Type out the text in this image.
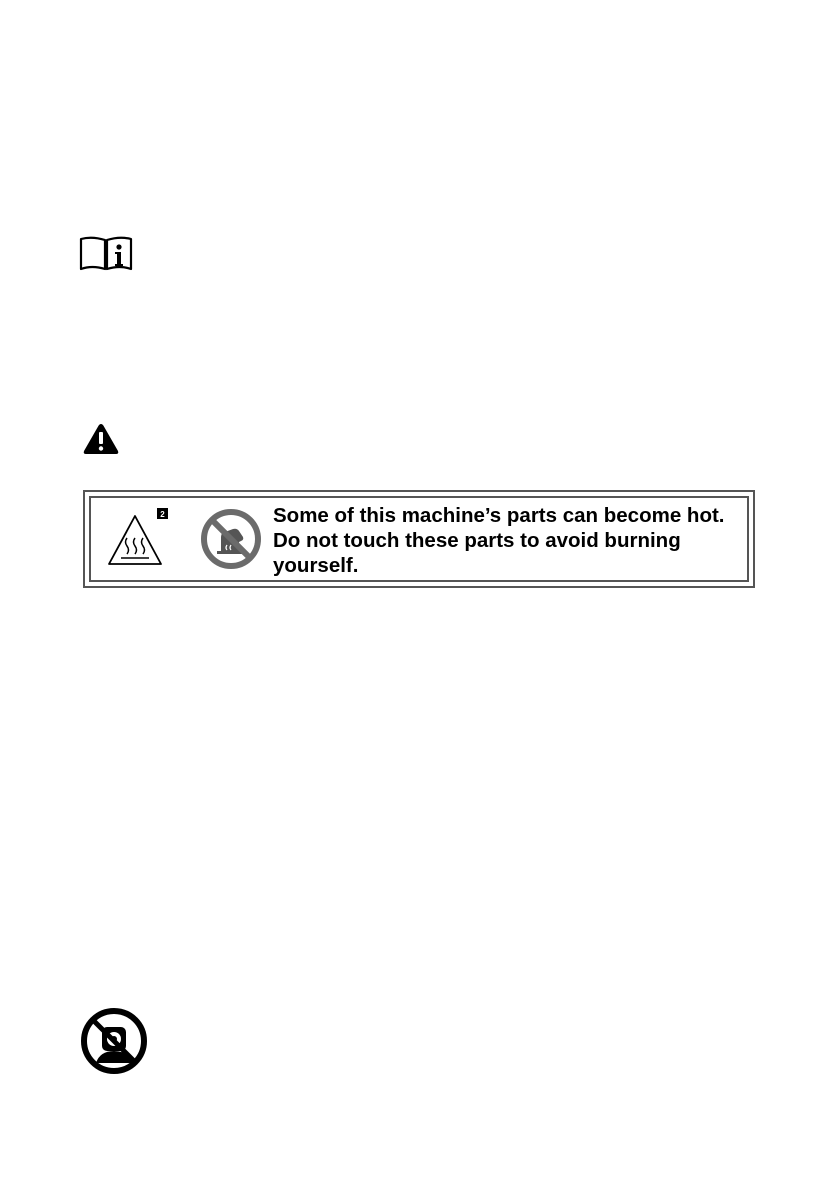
2	Some of this machine’s parts can become hot. Do not touch these parts to avoid burning yourself.
